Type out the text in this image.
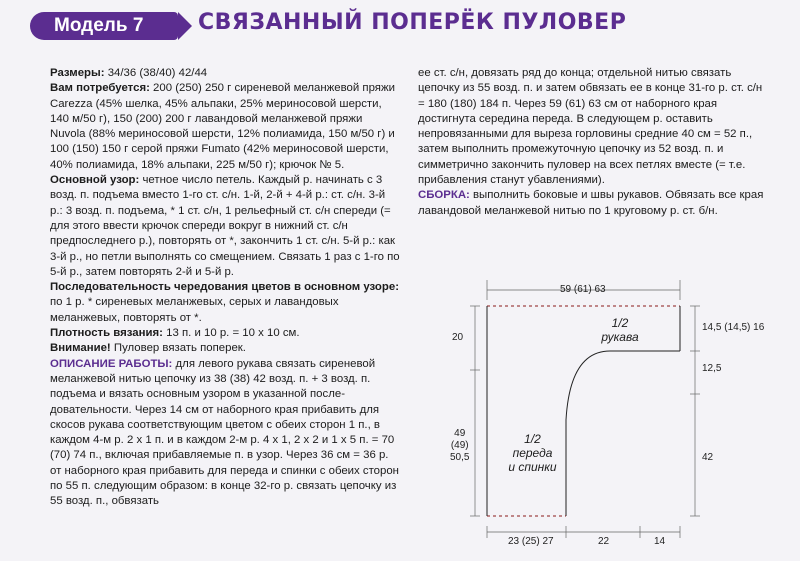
Модель 7	СВЯЗАННЫЙ ПОПЕРЁК ПУЛОВЕР

Размеры: 34/36 (38/40) 42/44

Вам потребуется: 200 (250) 250 г сиреневой меланжевой пряжи Carezza (45% шелка, 45% альпаки, 25% мериносовой шерсти, 140 м/50 г), 150 (200) 200 г лавандовой меланжевой пряжи Nuvola (88% мериносовой шерсти, 12% полиамида, 150 м/50 г) и 100 (150) 150 г серой пряжи Fumato (42% мериносовой шерсти, 40% полиамида, 18% альпаки, 225 м/50 г); крючок № 5.

Основной узор: четное число петель. Каждый р. начинать с 3 возд. п. подъема вместо 1-го ст. с/н. 1-й, 2-й + 4-й р.: ст. с/н. 3-й р.: 3 возд. п. подъема, * 1 ст. с/н, 1 рельефный ст. с/н спереди (= для этого ввести крючок спереди вокруг в нижний ст. с/н предпоследнего р.), повторять от *, закончить 1 ст. с/н. 5-й р.: как 3-й р., но петли выполнять со смещением. Связать 1 раз с 1-го по 5-й р., затем повторять 2-й и 5-й р.

Последовательность чередования цветов в основном узоре: по 1 р. * сиреневых меланжевых, серых и лавандовых меланжевых, повторять от *.

Плотность вязания: 13 п. и 10 р. = 10 х 10 см.

Внимание! Пуловер вязать поперек.

ОПИСАНИЕ РАБОТЫ: для левого рукава связать сиреневой меланжевой нитью цепочку из 38 (38) 42 возд. п. + 3 возд. п. подъема и вязать основным узором в указанной последовательности. Через 14 см от наборного края прибавить для скосов рукава соответствующим цветом с обеих сторон 1 п., в каждом 4-м р. 2 х 1 п. и в каждом 2-м р. 4 х 1, 2 х 2 и 1 х 5 п. = 70 (70) 74 п., включая прибавляемые п. в узор. Через 36 см = 36 р. от наборного края прибавить для переда и спинки с обеих сторон по 55 п. следующим образом: в конце 32-го р. связать цепочку из 55 возд. п., обвязать

ее ст. с/н, довязать ряд до конца; отдельной нитью связать цепочку из 55 возд. п. и затем обвязать ее в конце 31-го р. ст. с/н = 180 (180) 184 п. Через 59 (61) 63 см от наборного края достигнута середина переда. В следующем р. оставить непровязанными для выреза горловины средние 40 см = 52 п., затем выполнить промежуточную цепочку из 52 возд. п. и симметрично закончить пуловер на всех петлях вместе (= т.е. прибавления станут убавлениями).

СБОРКА: выполнить боковые и швы рукавов. Обвязать все края лавандовой меланжевой нитью по 1 круговому р. ст. б/н.

59 (61) 63
20
49
(49)
50,5
14,5 (14,5) 16
12,5
42
23 (25) 27	22	14
1/2
рукава
1/2
переда
и спинки
